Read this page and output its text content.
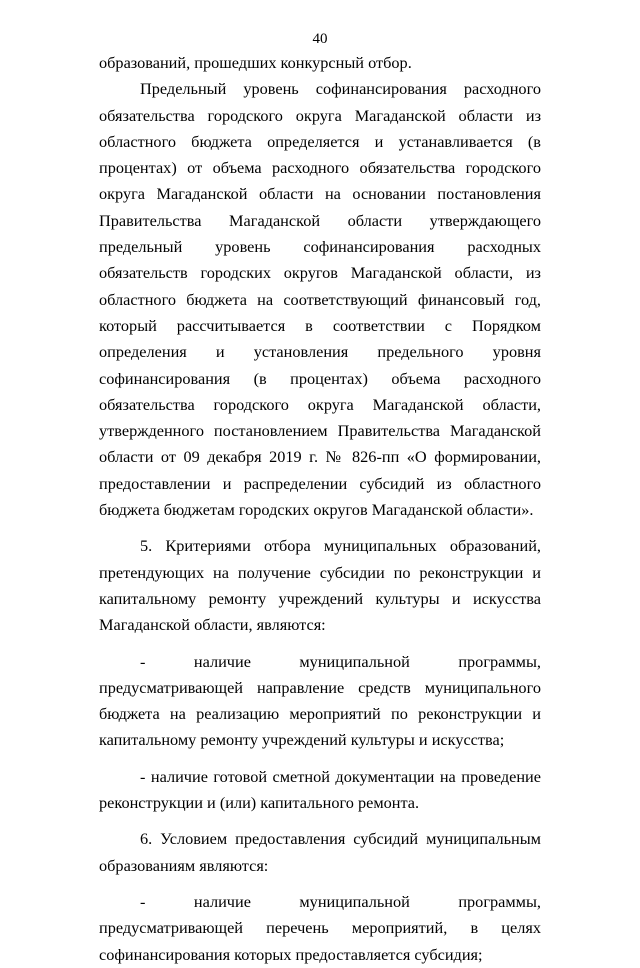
40

образований, прошедших конкурсный отбор.

Предельный уровень софинансирования расходного обязательства городского округа Магаданской области из областного бюджета определяется и устанавливается (в процентах) от объема расходного обязательства городского округа Магаданской области на основании постановления Правительства Магаданской области утверждающего предельный уровень софинансирования расходных обязательств городских округов Магаданской области, из областного бюджета на соответствующий финансовый год, который рассчитывается в соответствии с Порядком определения и установления предельного уровня софинансирования (в процентах) объема расходного обязательства городского округа Магаданской области, утвержденного постановлением Правительства Магаданской области от 09 декабря 2019 г. № 826-пп «О формировании, предоставлении и распределении субсидий из областного бюджета бюджетам городских округов Магаданской области».

5. Критериями отбора муниципальных образований, претендующих на получение субсидии по реконструкции и капитальному ремонту учреждений культуры и искусства Магаданской области, являются:

- наличие муниципальной программы, предусматривающей направление средств муниципального бюджета на реализацию мероприятий по реконструкции и капитальному ремонту учреждений культуры и искусства;

- наличие готовой сметной документации на проведение реконструкции и (или) капитального ремонта.

6. Условием предоставления субсидий муниципальным образованиям являются:

- наличие муниципальной программы, предусматривающей перечень мероприятий, в целях софинансирования которых предоставляется субсидия;
